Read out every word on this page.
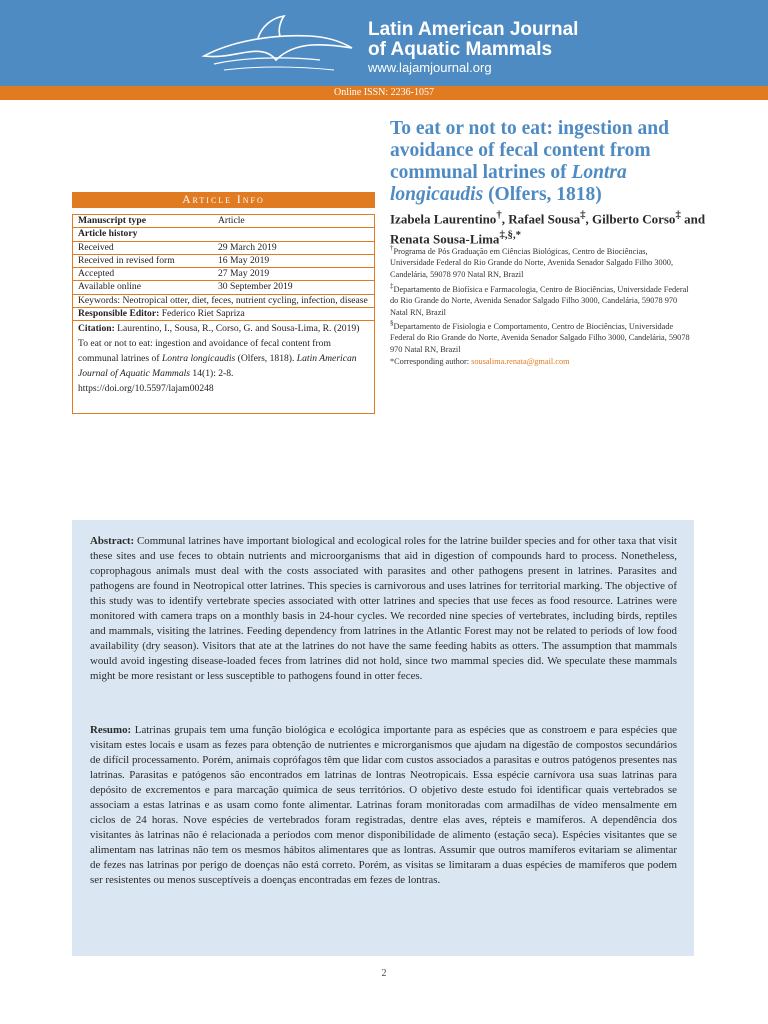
Latin American Journal
of Aquatic Mammals
www.lajamjournal.org
Online ISSN: 2236-1057
To eat or not to eat: ingestion and avoidance of fecal content from communal latrines of Lontra longicaudis (Olfers, 1818)
Izabela Laurentino†, Rafael Sousa‡, Gilberto Corso‡ and Renata Sousa-Lima‡,§,*
†Programa de Pós Graduação em Ciências Biológicas, Centro de Biociências, Universidade Federal do Rio Grande do Norte, Avenida Senador Salgado Filho 3000, Candelária, 59078 970 Natal RN, Brazil
‡Departamento de Biofísica e Farmacologia, Centro de Biociências, Universidade Federal do Rio Grande do Norte, Avenida Senador Salgado Filho 3000, Candelária, 59078 970 Natal RN, Brazil
§Departamento de Fisiologia e Comportamento, Centro de Biociências, Universidade Federal do Rio Grande do Norte, Avenida Senador Salgado Filho 3000, Candelária, 59078 970 Natal RN, Brazil
*Corresponding author: sousalima.renata@gmail.com
Article Info
Manuscript type	Article
Article history
Received	29 March 2019
Received in revised form	16 May 2019
Accepted	27 May 2019
Available online	30 September 2019
Keywords: Neotropical otter, diet, feces, nutrient cycling, infection, disease
Responsible Editor: Federico Riet Sapriza
Citation: Laurentino, I., Sousa, R., Corso, G. and Sousa-Lima, R. (2019) To eat or not to eat: ingestion and avoidance of fecal content from communal latrines of Lontra longicaudis (Olfers, 1818). Latin American Journal of Aquatic Mammals 14(1): 2-8. https://doi.org/10.5597/lajam00248
Abstract: Communal latrines have important biological and ecological roles for the latrine builder species and for other taxa that visit these sites and use feces to obtain nutrients and microorganisms that aid in digestion of compounds hard to process. Nonetheless, coprophagous animals must deal with the costs associated with parasites and other pathogens present in latrines. Parasites and pathogens are found in Neotropical otter latrines. This species is carnivorous and uses latrines for territorial marking. The objective of this study was to identify vertebrate species associated with otter latrines and species that use feces as food resource. Latrines were monitored with camera traps on a monthly basis in 24-hour cycles. We recorded nine species of vertebrates, including birds, reptiles and mammals, visiting the latrines. Feeding dependency from latrines in the Atlantic Forest may not be related to periods of low food availability (dry season). Visitors that ate at the latrines do not have the same feeding habits as otters. The assumption that mammals would avoid ingesting disease-loaded feces from latrines did not hold, since two mammal species did. We speculate these mammals might be more resistant or less susceptible to pathogens found in otter feces.
Resumo: Latrinas grupais tem uma função biológica e ecológica importante para as espécies que as constroem e para espécies que visitam estes locais e usam as fezes para obtenção de nutrientes e microrganismos que ajudam na digestão de compostos secundários de difícil processamento. Porém, animais coprófagos têm que lidar com custos associados a parasitas e outros patógenos presentes nas latrinas. Parasitas e patógenos são encontrados em latrinas de lontras Neotropicais. Essa espécie carnívora usa suas latrinas para depósito de excrementos e para marcação química de seus territórios. O objetivo deste estudo foi identificar quais vertebrados se associam a estas latrinas e as usam como fonte alimentar. Latrinas foram monitoradas com armadilhas de vídeo mensalmente em ciclos de 24 horas. Nove espécies de vertebrados foram registradas, dentre elas aves, répteis e mamíferos. A dependência dos visitantes às latrinas não é relacionada a períodos com menor disponibilidade de alimento (estação seca). Espécies visitantes que se alimentam nas latrinas não tem os mesmos hábitos alimentares que as lontras. Assumir que outros mamíferos evitariam se alimentar de fezes nas latrinas por perigo de doenças não está correto. Porém, as visitas se limitaram a duas espécies de mamíferos que podem ser resistentes ou menos susceptíveis a doenças encontradas em fezes de lontras.
2
